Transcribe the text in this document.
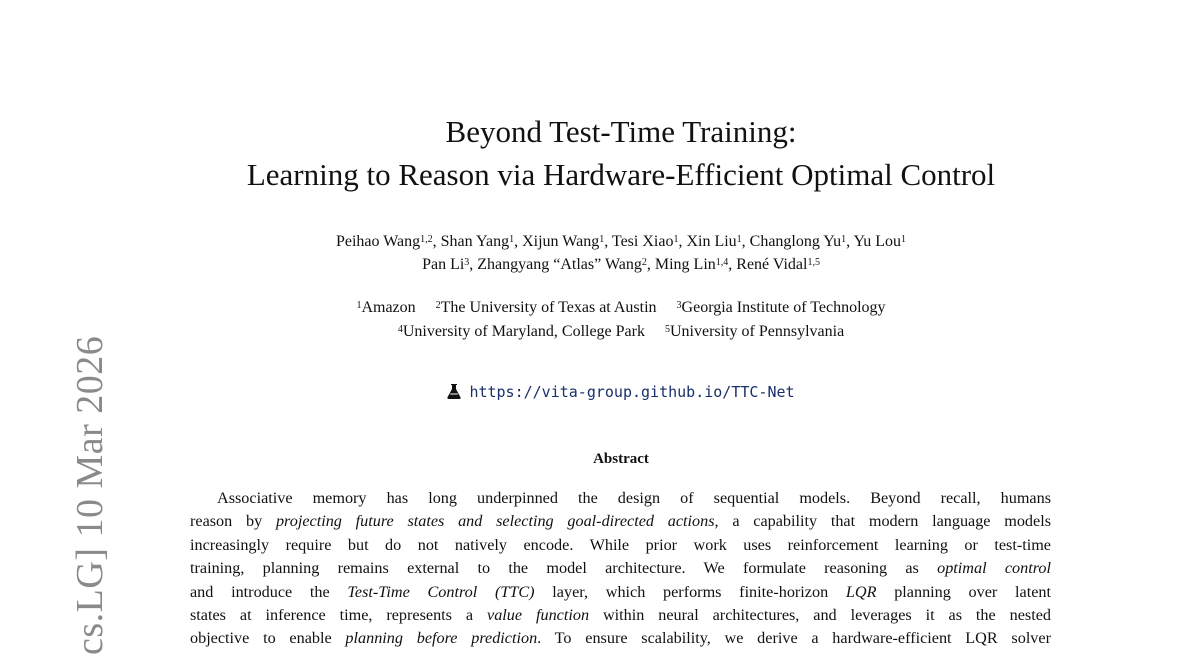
cs.LG] 10 Mar 2026
Beyond Test-Time Training:
Learning to Reason via Hardware-Efficient Optimal Control
Peihao Wang$^{1,2}$, Shan Yang$^1$, Xijun Wang$^1$, Tesi Xiao$^1$, Xin Liu$^1$, Changlong Yu$^1$, Yu Lou$^1$
Pan Li$^3$, Zhangyang “Atlas” Wang$^2$, Ming Lin$^{1,4}$, René Vidal$^{1,5}$
$^1$Amazon $^2$The University of Texas at Austin $^3$Georgia Institute of Technology
$^4$University of Maryland, College Park $^5$University of Pennsylvania
https://vita-group.github.io/TTC-Net
Abstract
Associative memory has long underpinned the design of sequential models. Beyond recall, humans
reason by projecting future states and selecting goal-directed actions, a capability that modern language models
increasingly require but do not natively encode. While prior work uses reinforcement learning or test-time
training, planning remains external to the model architecture. We formulate reasoning as optimal control
and introduce the Test-Time Control (TTC) layer, which performs finite-horizon LQR planning over latent
states at inference time, represents a value function within neural architectures, and leverages it as the nested
objective to enable planning before prediction. To ensure scalability, we derive a hardware-efficient LQR solver
